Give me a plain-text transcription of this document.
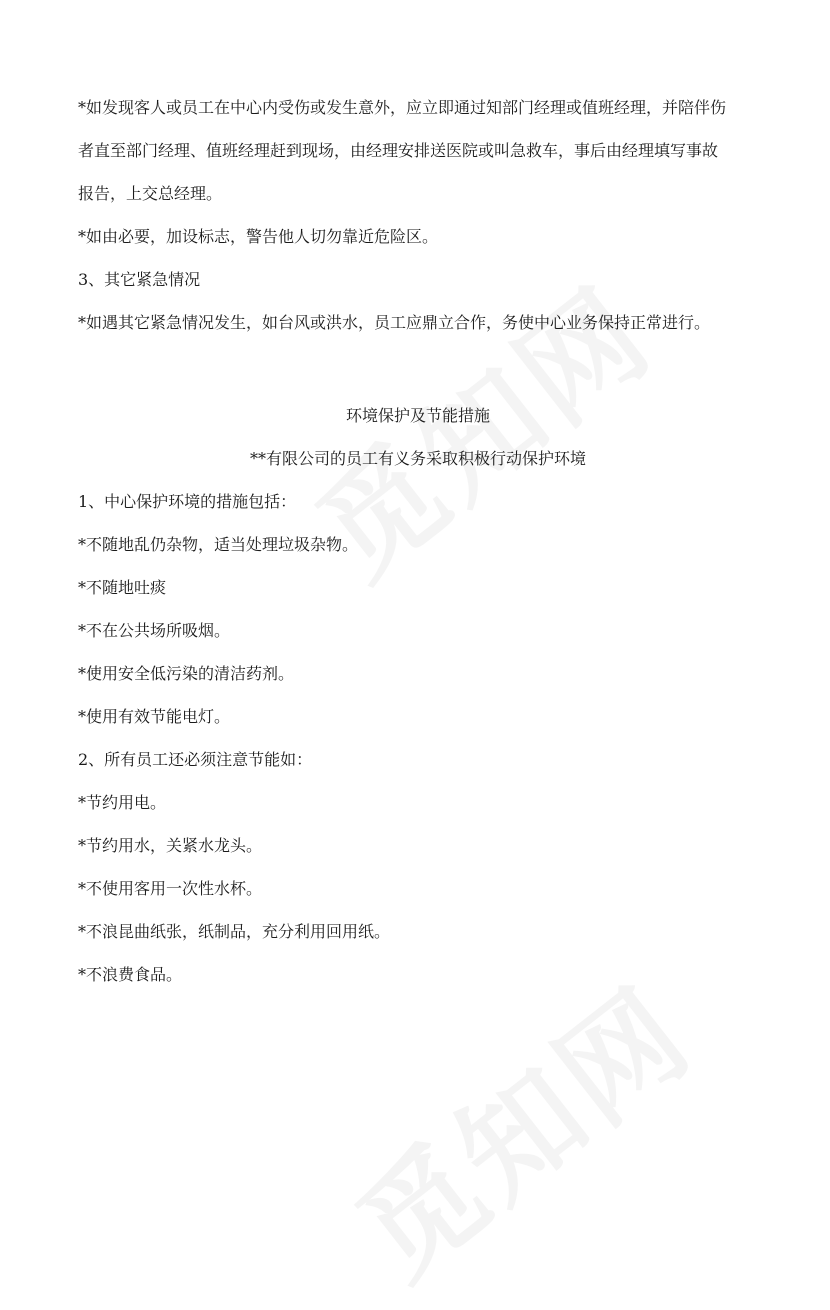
*如发现客人或员工在中心内受伤或发生意外，应立即通过知部门经理或值班经理，并陪伴伤
者直至部门经理、值班经理赶到现场，由经理安排送医院或叫急救车，事后由经理填写事故
报告，上交总经理。
*如由必要，加设标志，警告他人切勿靠近危险区。
3、其它紧急情况
*如遇其它紧急情况发生，如台风或洪水，员工应鼎立合作，务使中心业务保持正常进行。
环境保护及节能措施
**有限公司的员工有义务采取积极行动保护环境
1、中心保护环境的措施包括：
*不随地乱仍杂物，适当处理垃圾杂物。
*不随地吐痰
*不在公共场所吸烟。
*使用安全低污染的清洁药剂。
*使用有效节能电灯。
2、所有员工还必须注意节能如：
*节约用电。
*节约用水，关紧水龙头。
*不使用客用一次性水杯。
*不浪昆曲纸张，纸制品，充分利用回用纸。
*不浪费食品。
